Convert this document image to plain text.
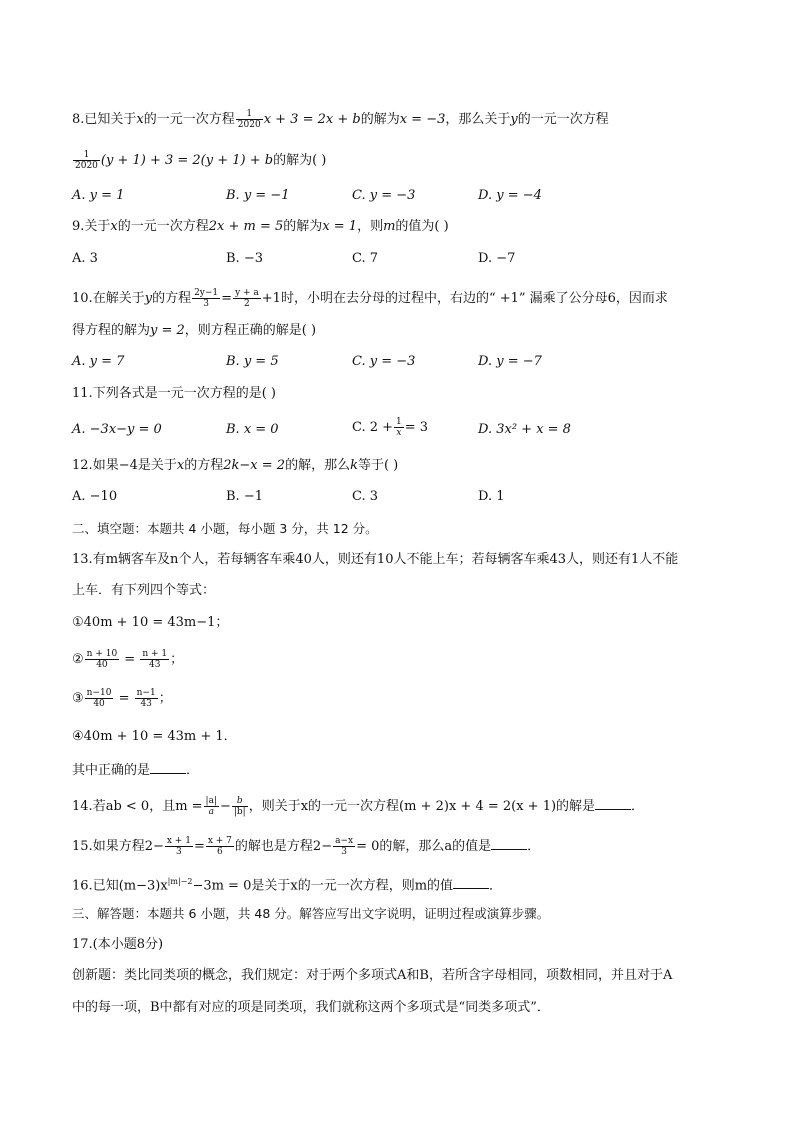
8.已知关于x的一元一次方程 $\frac{1}{2020}$ x + 3 = 2x + b的解为x = −3，那么关于y的一元一次方程
$\frac{1}{2020} (y + 1) + 3 = 2(y + 1) + b$的解为( )
A. y = 1	B. y = −1	C. y = −3	D. y = −4
9.关于x的一元一次方程2x + m = 5的解为x = 1，则m的值为( )
A. 3	B. −3	C. 7	D. −7
10.在解关于y的方程 $\frac{2y-1}{3} = \frac{y + a}{2} +1$时，小明在去分母的过程中，右边的“ +1” 漏乘了公分母6，因而求
得方程的解为y = 2，则方程正确的解是( )
A. y = 7	B. y = 5	C. y = −3	D. y = −7
11.下列各式是一元一次方程的是( )
A. −3x−y = 0	B. x = 0	C. $2 + \frac{1}{x} = 3$	D. 3x² + x = 8
12.如果−4是关于x的方程2k−x = 2的解，那么k等于( )
A. −10	B. −1	C. 3	D. 1
二、填空题：本题共 4 小题，每小题 3 分，共 12 分。
13.有m辆客车及n个人，若每辆客车乘40人，则还有10人不能上车；若每辆客车乘43人，则还有1人不能
上车．有下列四个等式：
①40m + 10 = 43m−1；
② $\frac{n + 10}{40} = \frac{n + 1}{43}$ ；
③ $\frac{n-10}{40} = \frac{n-1}{43}$ ；
④40m + 10 = 43m + 1．
其中正确的是	．
14.若ab < 0，且$m = \frac{|a|}{a} - \frac{b}{|b|}$ ，则关于x的一元一次方程(m + 2)x + 4 = 2(x + 1)的解是	．
15.如果方程$2- \frac{x + 1}{3} = \frac{x + 7}{6}$ 的解也是方程$2- \frac{a-x}{3} = 0$的解，那么a的值是	．
16.已知$(m-3)x^{|m|-2}-3m = 0$是关于x的一元一次方程，则m的值	．
三、解答题：本题共 6 小题，共 48 分。解答应写出文字说明，证明过程或演算步骤。
17.(本小题8分)
创新题：类比同类项的概念，我们规定：对于两个多项式A和B，若所含字母相同，项数相同，并且对于A
中的每一项，B中都有对应的项是同类项，我们就称这两个多项式是“同类多项式”．
